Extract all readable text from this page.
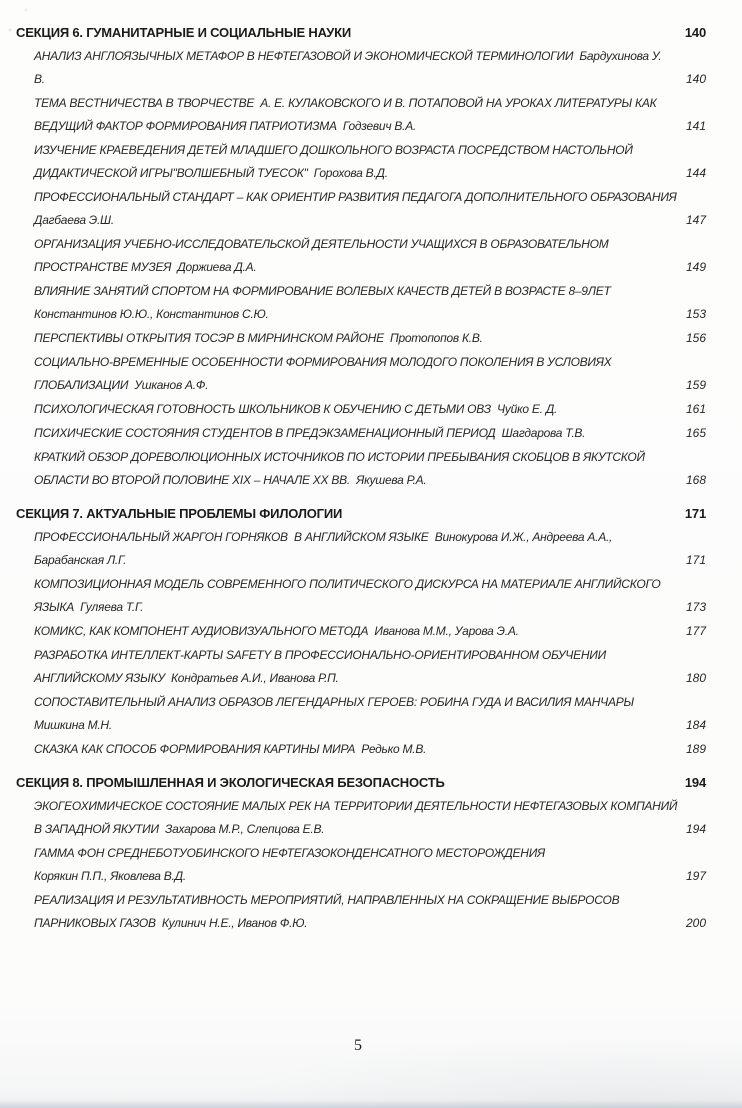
СЕКЦИЯ 6. ГУМАНИТАРНЫЕ И СОЦИАЛЬНЫЕ НАУКИ	140
АНАЛИЗ АНГЛОЯЗЫЧНЫХ МЕТАФОР В НЕФТЕГАЗОВОЙ И ЭКОНОМИЧЕСКОЙ ТЕРМИНОЛОГИИ  Бардухинова У.
В.	140
ТЕМА ВЕСТНИЧЕСТВА В ТВОРЧЕСТВЕ  А. Е. КУЛАКОВСКОГО И В. ПОТАПОВОЙ НА УРОКАХ ЛИТЕРАТУРЫ КАК
ВЕДУЩИЙ ФАКТОР ФОРМИРОВАНИЯ ПАТРИОТИЗМА  Годзевич В.А.	141
ИЗУЧЕНИЕ КРАЕВЕДЕНИЯ ДЕТЕЙ МЛАДШЕГО ДОШКОЛЬНОГО ВОЗРАСТА ПОСРЕДСТВОМ НАСТОЛЬНОЙ
ДИДАКТИЧЕСКОЙ ИГРЫ"ВОЛШЕБНЫЙ ТУЕСОК"  Горохова В.Д.	144
ПРОФЕССИОНАЛЬНЫЙ СТАНДАРТ – КАК ОРИЕНТИР РАЗВИТИЯ ПЕДАГОГА ДОПОЛНИТЕЛЬНОГО ОБРАЗОВАНИЯ
Дагбаева Э.Ш.	147
ОРГАНИЗАЦИЯ УЧЕБНО-ИССЛЕДОВАТЕЛЬСКОЙ ДЕЯТЕЛЬНОСТИ УЧАЩИХСЯ В ОБРАЗОВАТЕЛЬНОМ
ПРОСТРАНСТВЕ МУЗЕЯ  Доржиева Д.А.	149
ВЛИЯНИЕ ЗАНЯТИЙ СПОРТОМ НА ФОРМИРОВАНИЕ ВОЛЕВЫХ КАЧЕСТВ ДЕТЕЙ В ВОЗРАСТЕ 8–9ЛЕТ
Константинов Ю.Ю., Константинов С.Ю.	153
ПЕРСПЕКТИВЫ ОТКРЫТИЯ ТОСЭР В МИРНИНСКОМ РАЙОНЕ  Протопопов К.В.	156
СОЦИАЛЬНО-ВРЕМЕННЫЕ ОСОБЕННОСТИ ФОРМИРОВАНИЯ МОЛОДОГО ПОКОЛЕНИЯ В УСЛОВИЯХ
ГЛОБАЛИЗАЦИИ  Ушканов А.Ф.	159
ПСИХОЛОГИЧЕСКАЯ ГОТОВНОСТЬ ШКОЛЬНИКОВ К ОБУЧЕНИЮ С ДЕТЬМИ ОВЗ  Чуйко Е. Д.	161
ПСИХИЧЕСКИЕ СОСТОЯНИЯ СТУДЕНТОВ В ПРЕДЭКЗАМЕНАЦИОННЫЙ ПЕРИОД  Шагдарова Т.В.	165
КРАТКИЙ ОБЗОР ДОРЕВОЛЮЦИОННЫХ ИСТОЧНИКОВ ПО ИСТОРИИ ПРЕБЫВАНИЯ СКОБЦОВ В ЯКУТСКОЙ
ОБЛАСТИ ВО ВТОРОЙ ПОЛОВИНЕ XIX – НАЧАЛЕ XX ВВ.  Якушева Р.А.	168
СЕКЦИЯ 7. АКТУАЛЬНЫЕ ПРОБЛЕМЫ ФИЛОЛОГИИ	171
ПРОФЕССИОНАЛЬНЫЙ ЖАРГОН ГОРНЯКОВ  В АНГЛИЙСКОМ ЯЗЫКЕ  Винокурова И.Ж., Андреева А.А.,
Барабанская Л.Г.	171
КОМПОЗИЦИОННАЯ МОДЕЛЬ СОВРЕМЕННОГО ПОЛИТИЧЕСКОГО ДИСКУРСА НА МАТЕРИАЛЕ АНГЛИЙСКОГО
ЯЗЫКА  Гуляева Т.Г.	173
КОМИКС, КАК КОМПОНЕНТ АУДИОВИЗУАЛЬНОГО МЕТОДА  Иванова М.М., Уарова Э.А.	177
РАЗРАБОТКА ИНТЕЛЛЕКТ-КАРТЫ SAFETY В ПРОФЕССИОНАЛЬНО-ОРИЕНТИРОВАННОМ ОБУЧЕНИИ
АНГЛИЙСКОМУ ЯЗЫКУ  Кондратьев А.И., Иванова Р.П.	180
СОПОСТАВИТЕЛЬНЫЙ АНАЛИЗ ОБРАЗОВ ЛЕГЕНДАРНЫХ ГЕРОЕВ: РОБИНА ГУДА И ВАСИЛИЯ МАНЧАРЫ
Мишкина М.Н.	184
СКАЗКА КАК СПОСОБ ФОРМИРОВАНИЯ КАРТИНЫ МИРА  Редько М.В.	189
СЕКЦИЯ 8. ПРОМЫШЛЕННАЯ И ЭКОЛОГИЧЕСКАЯ БЕЗОПАСНОСТЬ	194
ЭКОГЕОХИМИЧЕСКОЕ СОСТОЯНИЕ МАЛЫХ РЕК НА ТЕРРИТОРИИ ДЕЯТЕЛЬНОСТИ НЕФТЕГАЗОВЫХ КОМПАНИЙ
В ЗАПАДНОЙ ЯКУТИИ  Захарова М.Р., Слепцова Е.В.	194
ГАММА ФОН СРЕДНЕБОТУОБИНСКОГО НЕФТЕГАЗОКОНДЕНСАТНОГО МЕСТОРОЖДЕНИЯ
Корякин П.П., Яковлева В.Д.	197
РЕАЛИЗАЦИЯ И РЕЗУЛЬТАТИВНОСТЬ МЕРОПРИЯТИЙ, НАПРАВЛЕННЫХ НА СОКРАЩЕНИЕ ВЫБРОСОВ
ПАРНИКОВЫХ ГАЗОВ  Кулинич Н.Е., Иванов Ф.Ю.	200
5
